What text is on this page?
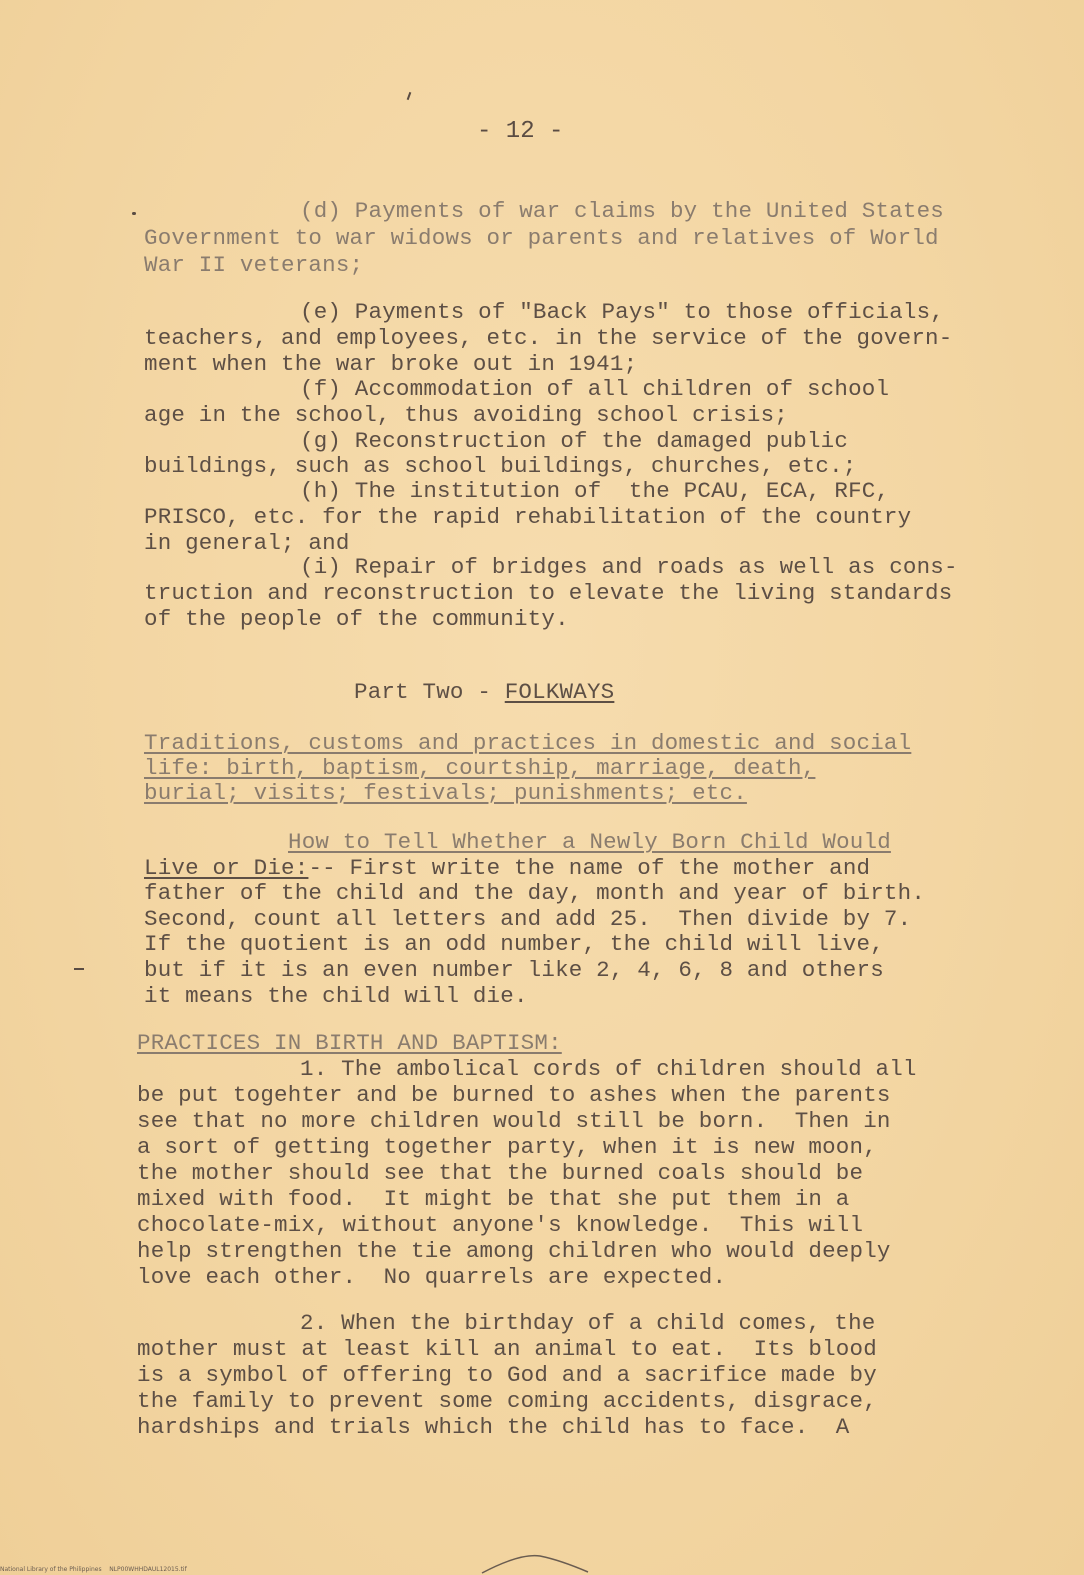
- 12 -
(d) Payments of war claims by the United States
Government to war widows or parents and relatives of World
War II veterans;
(e) Payments of "Back Pays" to those officials,
teachers, and employees, etc. in the service of the govern-
ment when the war broke out in 1941;
(f) Accommodation of all children of school
age in the school, thus avoiding school crisis;
(g) Reconstruction of the damaged public
buildings, such as school buildings, churches, etc.;
(h) The institution of  the PCAU, ECA, RFC,
PRISCO, etc. for the rapid rehabilitation of the country
in general; and
(i) Repair of bridges and roads as well as cons-
truction and reconstruction to elevate the living standards
of the people of the community.
Part Two - FOLKWAYS
Traditions, customs and practices in domestic and social
life: birth, baptism, courtship, marriage, death,
burial; visits; festivals; punishments; etc.
How to Tell Whether a Newly Born Child Would
Live or Die:-- First write the name of the mother and
father of the child and the day, month and year of birth.
Second, count all letters and add 25.  Then divide by 7.
If the quotient is an odd number, the child will live,
but if it is an even number like 2, 4, 6, 8 and others
it means the child will die.
PRACTICES IN BIRTH AND BAPTISM:
1. The ambolical cords of children should all
be put togehter and be burned to ashes when the parents
see that no more children would still be born.  Then in
a sort of getting together party, when it is new moon,
the mother should see that the burned coals should be
mixed with food.  It might be that she put them in a
chocolate-mix, without anyone's knowledge.  This will
help strengthen the tie among children who would deeply
love each other.  No quarrels are expected.
2. When the birthday of a child comes, the
mother must at least kill an animal to eat.  Its blood
is a symbol of offering to God and a sacrifice made by
the family to prevent some coming accidents, disgrace,
hardships and trials which the child has to face.  A
National Library of the Philippines    NLP00WHHDAUL12015.tif
